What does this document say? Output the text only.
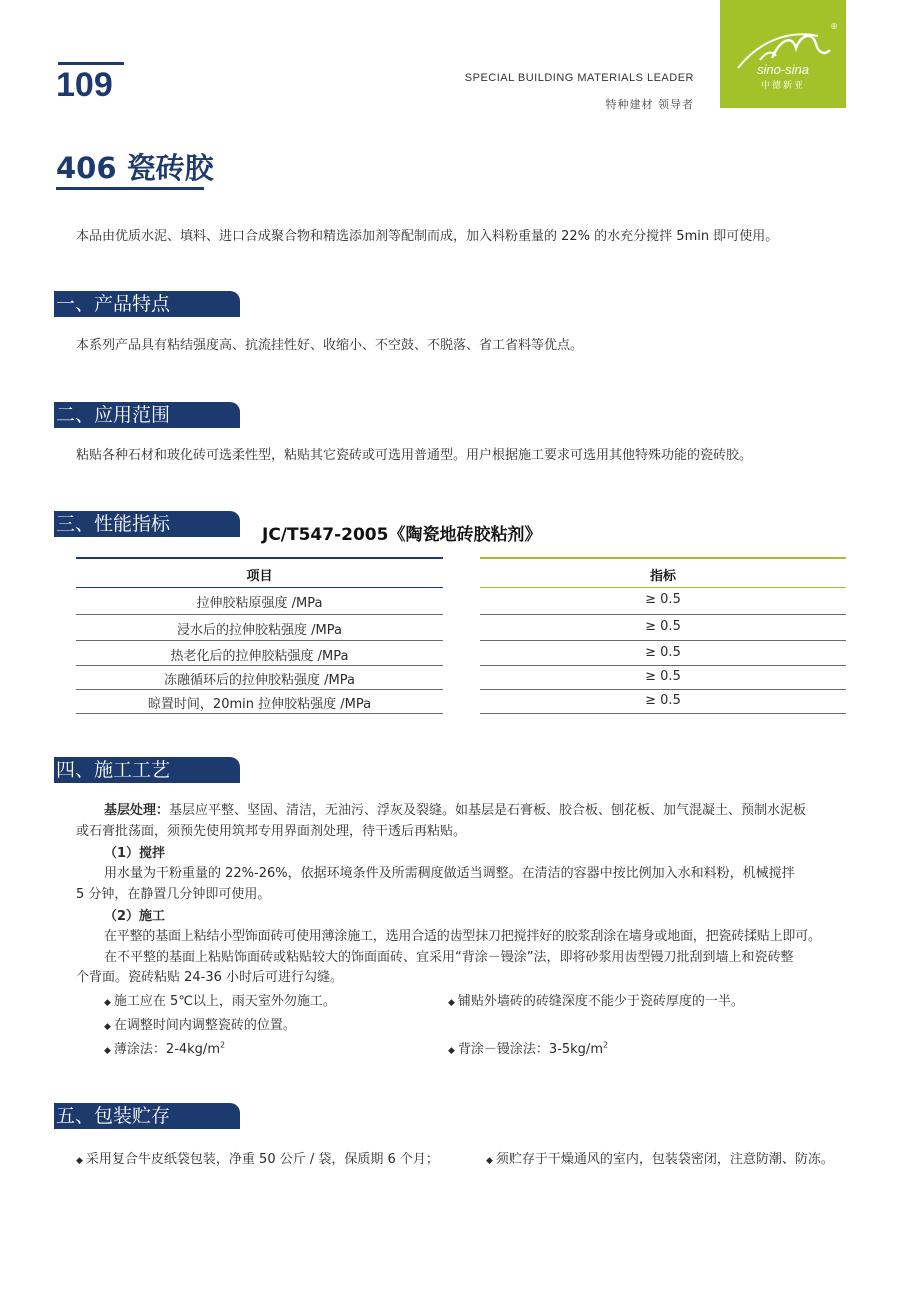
109	SPECIAL BUILDING MATERIALS LEADER
特种建材 领导者
®
sino-sina
中德新亚
406 瓷砖胶
本品由优质水泥、填料、进口合成聚合物和精选添加剂等配制而成，加入料粉重量的 22% 的水充分搅拌 5min 即可使用。
一、产品特点
本系列产品具有粘结强度高、抗流挂性好、收缩小、不空鼓、不脱落、省工省料等优点。
二、应用范围
粘贴各种石材和玻化砖可选柔性型，粘贴其它瓷砖或可选用普通型。用户根据施工要求可选用其他特殊功能的瓷砖胶。
三、性能指标	JC/T547-2005《陶瓷地砖胶粘剂》
项目	指标
拉伸胶粘原强度 /MPa	≥ 0.5
浸水后的拉伸胶粘强度 /MPa	≥ 0.5
热老化后的拉伸胶粘强度 /MPa	≥ 0.5
冻融循环后的拉伸胶粘强度 /MPa	≥ 0.5
晾置时间，20min 拉伸胶粘强度 /MPa	≥ 0.5
四、施工工艺
基层处理：基层应平整、坚固、清洁，无油污、浮灰及裂缝。如基层是石膏板、胶合板、刨花板、加气混凝土、预制水泥板
或石膏批荡面，须预先使用筑邦专用界面剂处理，待干透后再粘贴。
（1）搅拌
用水量为干粉重量的 22%-26%，依据环境条件及所需稠度做适当调整。在清洁的容器中按比例加入水和料粉，机械搅拌
5 分钟，在静置几分钟即可使用。
（2）施工
在平整的基面上粘结小型饰面砖可使用薄涂施工，选用合适的齿型抹刀把搅拌好的胶浆刮涂在墙身或地面，把瓷砖揉贴上即可。
在不平整的基面上粘贴饰面砖或粘贴较大的饰面面砖、宜采用“背涂－镘涂”法，即将砂浆用齿型镘刀批刮到墙上和瓷砖整
个背面。瓷砖粘贴 24-36 小时后可进行勾缝。
◆ 施工应在 5℃以上，雨天室外勿施工。	◆ 铺贴外墙砖的砖缝深度不能少于瓷砖厚度的一半。
◆ 在调整时间内调整瓷砖的位置。
◆ 薄涂法：$2-4kg/m^2$
◆ 背涂－镘涂法：$3-5kg/m^2$
五、包装贮存
◆ 采用复合牛皮纸袋包装，净重 50 公斤 / 袋，保质期 6 个月；	◆ 须贮存于干燥通风的室内，包装袋密闭，注意防潮、防冻。
